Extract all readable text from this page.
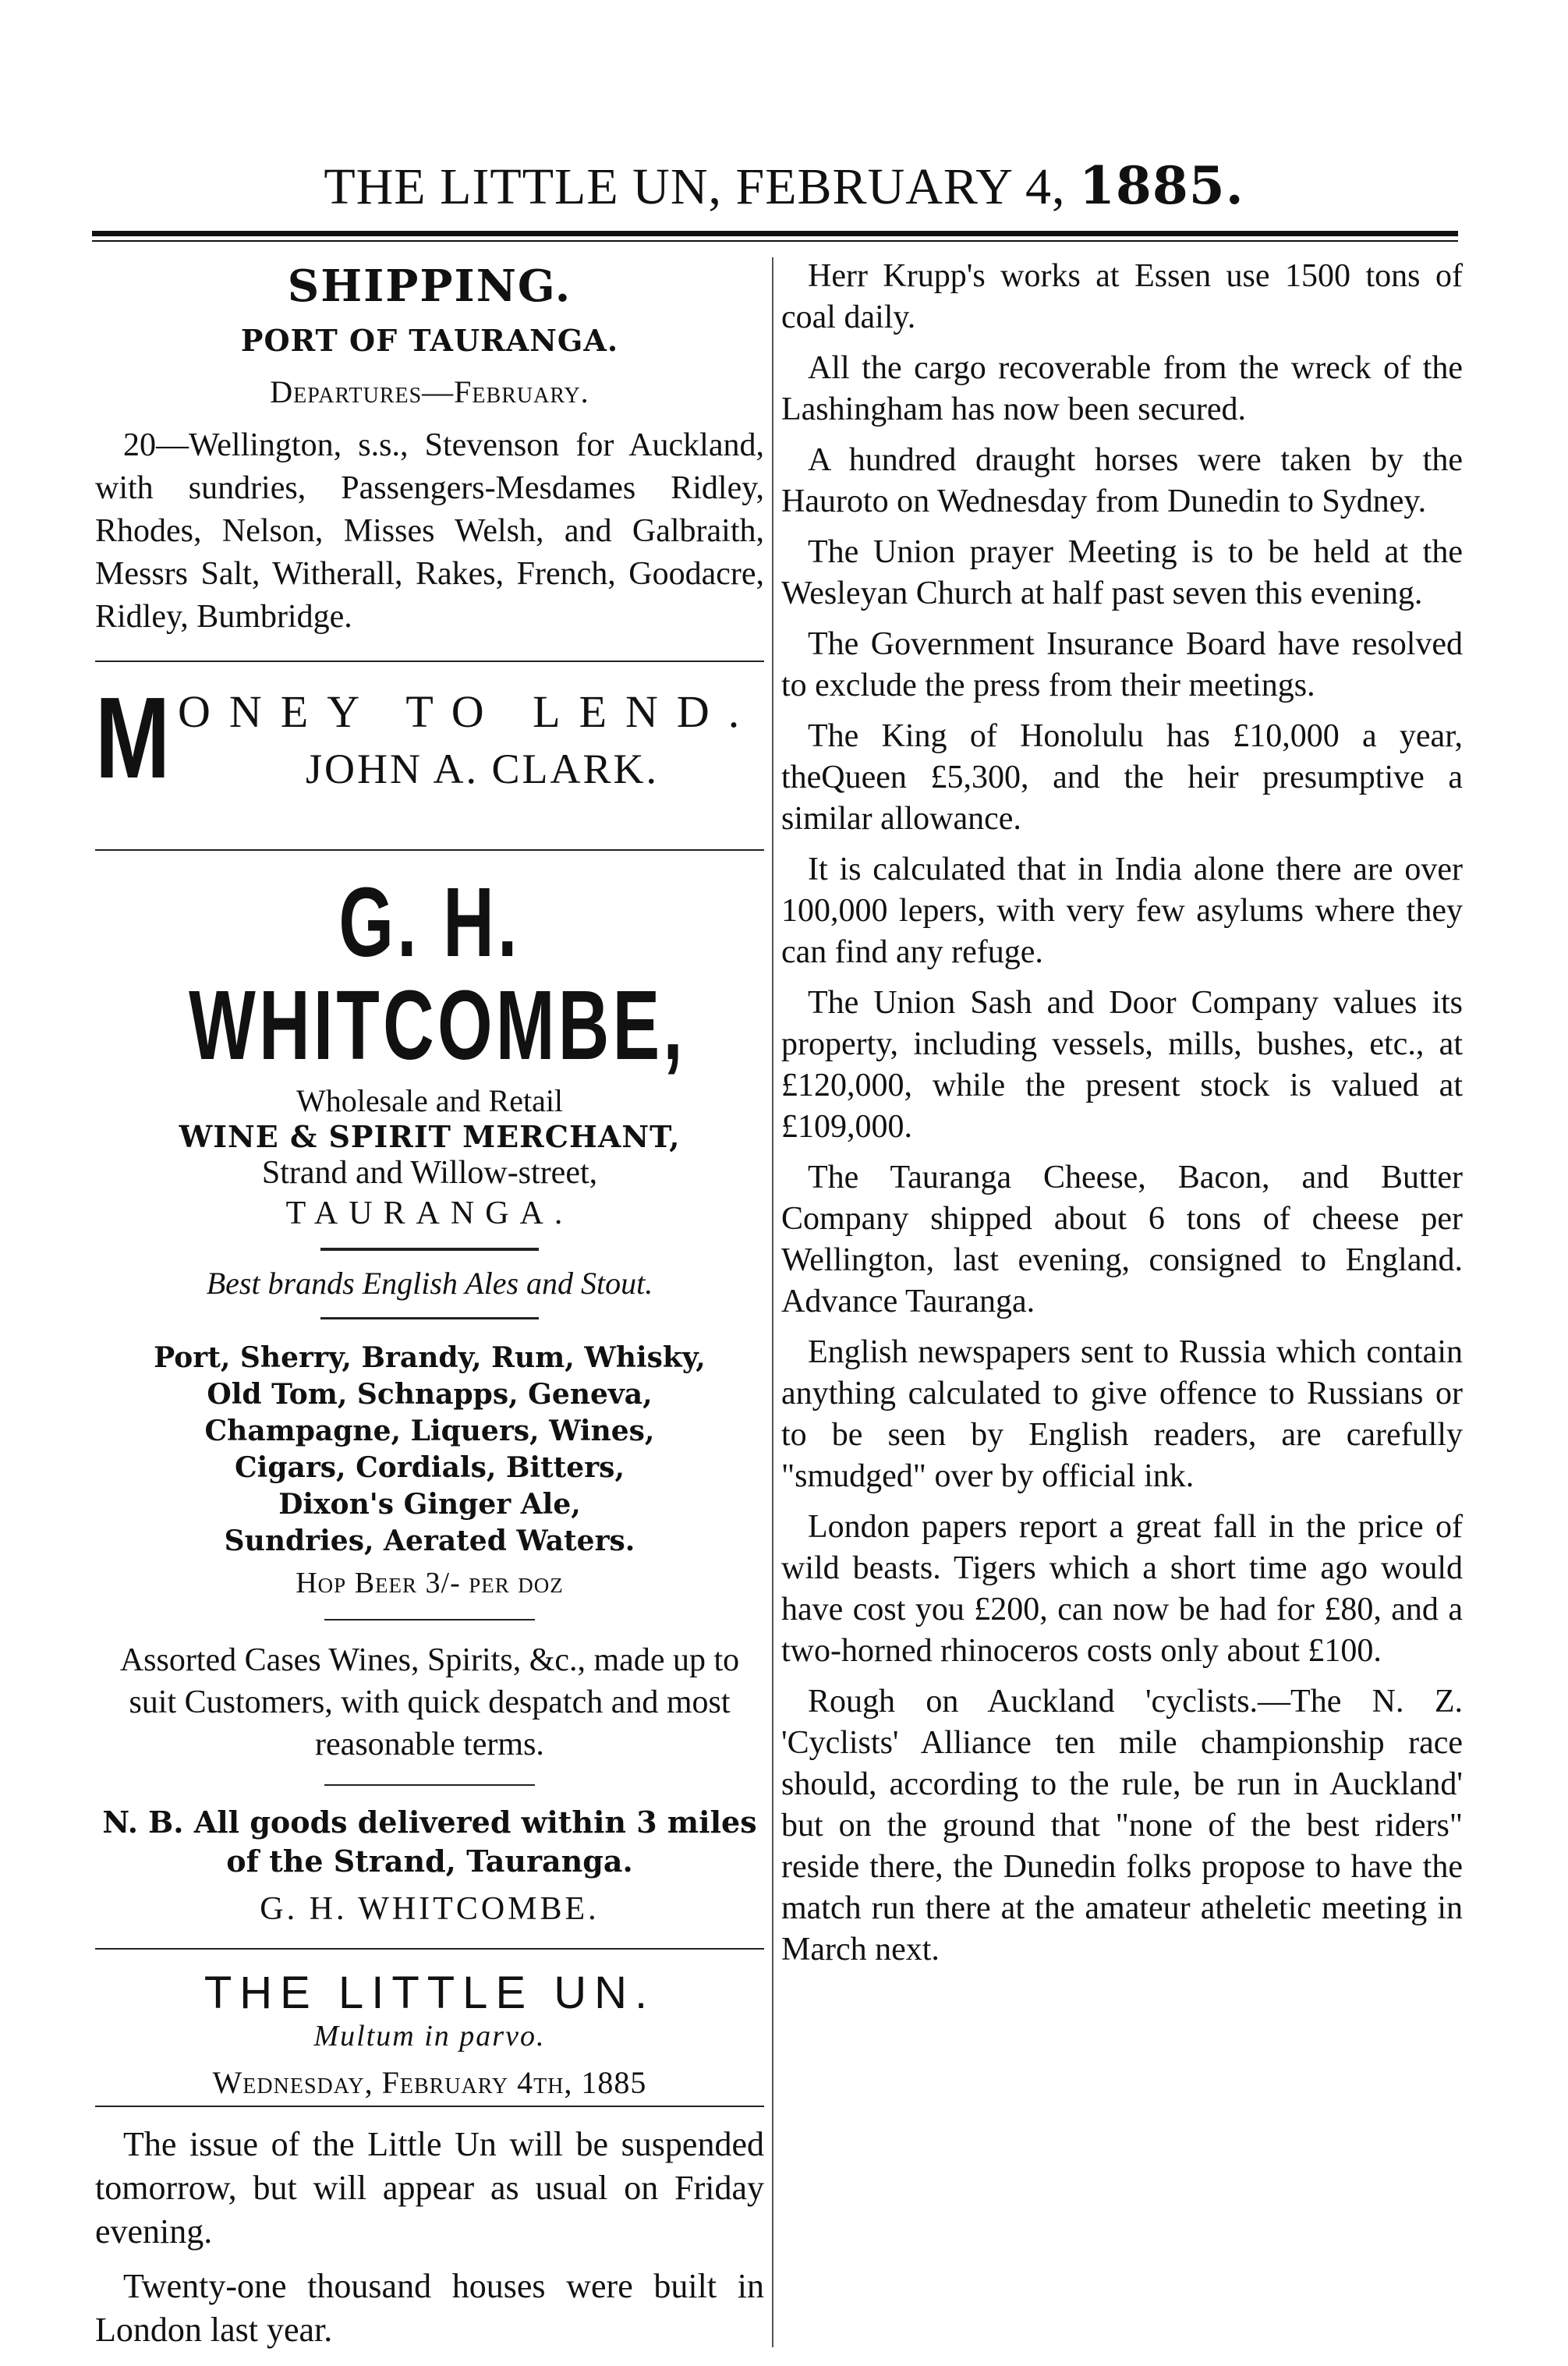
THE LITTLE UN, FEBRUARY 4, 1885.
SHIPPING.
PORT OF TAURANGA.
Departures—February.

20—Wellington, s.s., Stevenson for Auckland, with sundries, Passengers-Mesdames Ridley, Rhodes, Nelson, Misses Welsh, and Galbraith, Messrs Salt, Witherall, Rakes, French, Goodacre, Ridley, Bumbridge.

M ONEY TO LEND.
JOHN A. CLARK.
G. H. WHITCOMBE,
Wholesale and Retail
WINE & SPIRIT MERCHANT,
Strand and Willow-street,
TAURANGA.
Best brands English Ales and Stout.
Port, Sherry, Brandy, Rum, Whisky,
Old Tom, Schnapps, Geneva,
Champagne, Liquers, Wines,
Cigars, Cordials, Bitters,
Dixon's Ginger Ale,
Sundries, Aerated Waters.
Hop Beer 3/- per doz
Assorted Cases Wines, Spirits, &c., made up to suit Customers, with quick despatch and most reasonable terms.
N. B. All goods delivered within 3 miles of the Strand, Tauranga.
G. H. WHITCOMBE.
THE LITTLE UN.
Multum in parvo.
Wednesday, February 4th, 1885

The issue of the Little Un will be suspended tomorrow, but will appear as usual on Friday evening.

Twenty-one thousand houses were built in London last year.

Herr Krupp's works at Essen use 1500 tons of coal daily.

All the cargo recoverable from the wreck of the Lashingham has now been secured.

A hundred draught horses were taken by the Hauroto on Wednesday from Dunedin to Sydney.

The Union prayer Meeting is to be held at the Wesleyan Church at half past seven this evening.

The Government Insurance Board have resolved to exclude the press from their meetings.

The King of Honolulu has £10,000 a year, theQueen £5,300, and the heir presumptive a similar allowance.

It is calculated that in India alone there are over 100,000 lepers, with very few asylums where they can find any refuge.

The Union Sash and Door Company values its property, including vessels, mills, bushes, etc., at £120,000, while the present stock is valued at £109,000.

The Tauranga Cheese, Bacon, and Butter Company shipped about 6 tons of cheese per Wellington, last evening, consigned to England. Advance Tauranga.

English newspapers sent to Russia which contain anything calculated to give offence to Russians or to be seen by English readers, are carefully "smudged" over by official ink.

London papers report a great fall in the price of wild beasts. Tigers which a short time ago would have cost you £200, can now be had for £80, and a two-horned rhinoceros costs only about £100.

Rough on Auckland 'cyclists.—The N. Z. 'Cyclists' Alliance ten mile championship race should, according to the rule, be run in Auckland' but on the ground that "none of the best riders" reside there, the Dunedin folks propose to have the match run there at the amateur atheletic meeting in March next.
